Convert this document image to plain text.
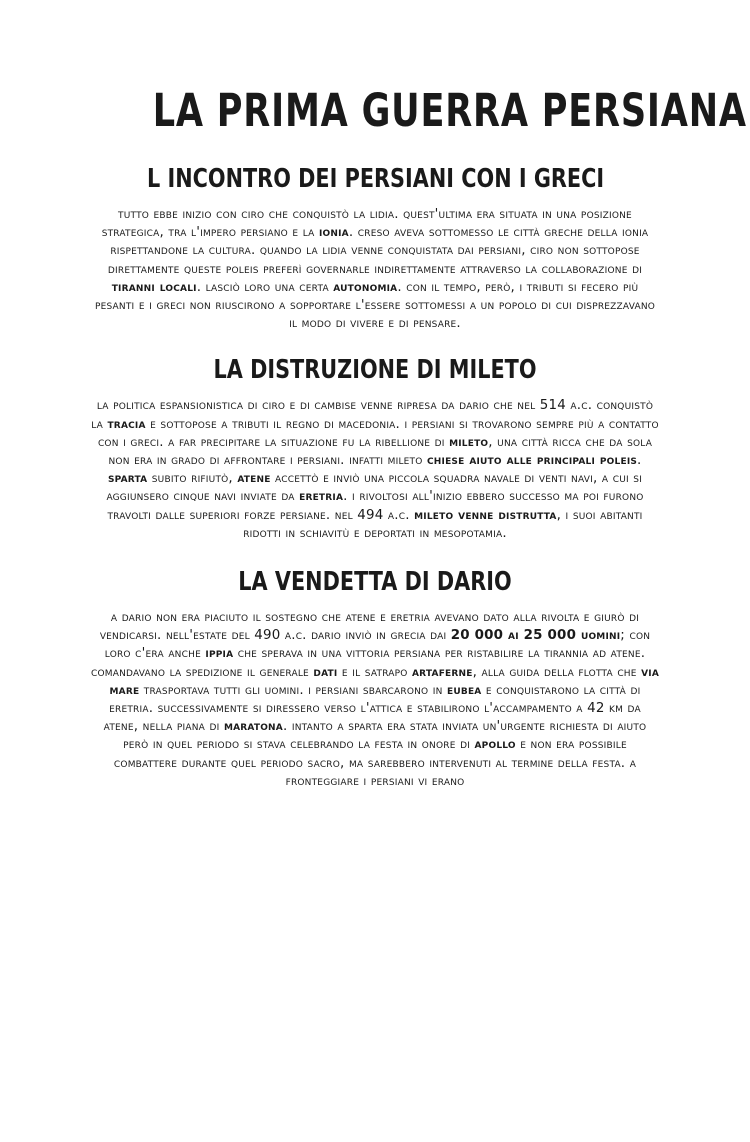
LA PRIMA GUERRA PERSIANA
L INCONTRO DEI PERSIANI CON I GRECI

tutto ebbe inizio con ciro che conquistò la lidia. quest'ultima era situata in una posizione strategica, tra l'impero persiano e la ionia. creso aveva sottomesso le città greche della ionia rispettandone la cultura. quando la lidia venne conquistata dai persiani, ciro non sottopose direttamente queste poleis preferì governarle indirettamente attraverso la collaborazione di tiranni locali. lasciò loro una certa autonomia. con il tempo, però, i tributi si fecero più pesanti e i greci non riuscirono a sopportare l'essere sottomessi a un popolo di cui disprezzavano il modo di vivere e di pensare.

LA DISTRUZIONE DI MILETO

la politica espansionistica di ciro e di cambise venne ripresa da dario che nel 514 a.c. conquistò la tracia e sottopose a tributi il regno di macedonia. i persiani si trovarono sempre più a contatto con i greci. a far precipitare la situazione fu la ribellione di mileto, una città ricca che da sola non era in grado di affrontare i persiani. infatti mileto chiese aiuto alle principali poleis. sparta subito rifiutò, atene accettò e inviò una piccola squadra navale di venti navi, a cui si aggiunsero cinque navi inviate da eretria. i rivoltosi all'inizio ebbero successo ma poi furono travolti dalle superiori forze persiane. nel 494 a.c. mileto venne distrutta, i suoi abitanti ridotti in schiavitù e deportati in mesopotamia.

LA VENDETTA DI DARIO

a dario non era piaciuto il sostegno che atene e eretria avevano dato alla rivolta e giurò di vendicarsi. nell'estate del 490 a.c. dario inviò in grecia dai 20 000 ai 25 000 uomini; con loro c'era anche ippia che sperava in una vittoria persiana per ristabilire la tirannia ad atene. comandavano la spedizione il generale dati e il satrapo artaferne, alla guida della flotta che via mare trasportava tutti gli uomini. i persiani sbarcarono in eubea e conquistarono la città di eretria. successivamente si diressero verso l'attica e stabilirono l'accampamento a 42 km da atene, nella piana di maratona. intanto a sparta era stata inviata un'urgente richiesta di aiuto però in quel periodo si stava celebrando la festa in onore di apollo e non era possibile combattere durante quel periodo sacro, ma sarebbero intervenuti al termine della festa. a fronteggiare i persiani vi erano
